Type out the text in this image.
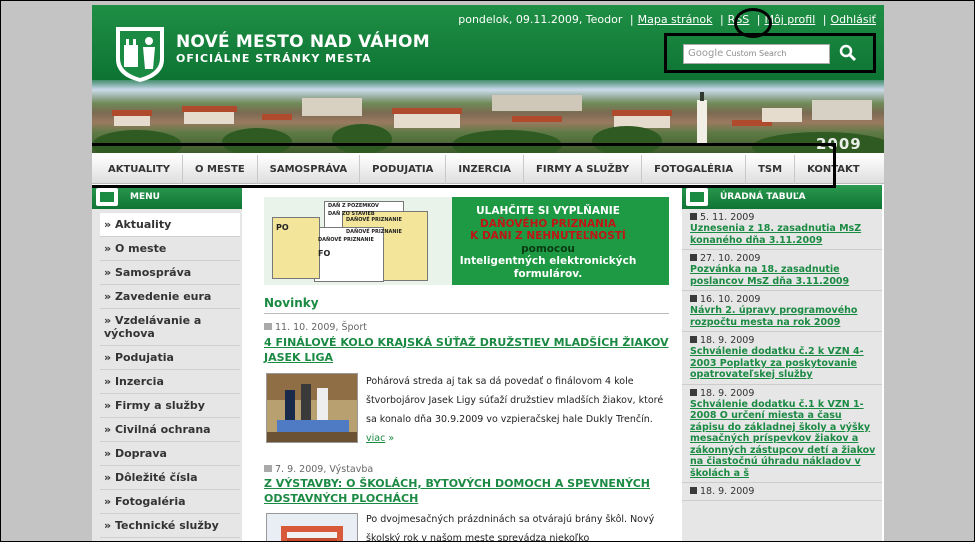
2009
NOVÉ MESTO NAD VÁHOM
OFICIÁLNE STRÁNKY MESTA
pondelok, 09.11.2009, Teodor | Mapa stránok | RSS | Môj profil | Odhlásiť
Google Custom Search
AKTUALITY	O MESTE	SAMOSPRÁVA	PODUJATIA	INZERCIA	FIRMY A SLUŽBY	FOTOGALÉRIA	TSM	KONTAKT
MENU
» Aktuality
» O meste
» Samospráva
» Zavedenie eura
» Vzdelávanie a výchova
» Podujatia
» Inzercia
» Firmy a služby
» Civilná ochrana
» Doprava
» Dôležité čísla
» Fotogaléria
» Technické služby
DAŇ Z POZEMKOV
DAŇ ZO STAVIEB
DAŇOVÉ PRIZNANIE
DAŇOVÉ PRIZNANIE
DAŇOVÉ PRIZNANIE
PO
FO
ULAHČITE SI VYPLŇANIE
DAŇOVÉHO PRIZNANIA
K DANI Z NEHNUTEĽNOSTÍ
pomocou
Inteligentných elektronických
formulárov.
Novinky
11. 10. 2009, Šport
4 FINÁLOVÉ KOLO KRAJSKÁ SÚŤAŽ DRUŽSTIEV MLADŠÍCH ŽIAKOV JASEK LIGA
Pohárová streda aj tak sa dá povedať o finálovom 4 kole štvorbojárov Jasek Ligy súťaží družstiev mladších žiakov, ktoré sa konalo dňa 30.9.2009 vo vzpieračskej hale Dukly Trenčín. viac »
7. 9. 2009, Výstavba
Z VÝSTAVBY: O ŠKOLÁCH, BYTOVÝCH DOMOCH A SPEVNENÝCH ODSTAVNÝCH PLOCHÁCH
Po dvojmesačných prázdninách sa otvárajú brány škôl. Nový školský rok v našom meste sprevádza niekoľko
ÚRADNÁ TABUĽA
5. 11. 2009
Uznesenia z 18. zasadnutia MsZ konaného dňa 3.11.2009
27. 10. 2009
Pozvánka na 18. zasadnutie poslancov MsZ dňa 3.11.2009
16. 10. 2009
Návrh 2. úpravy programového rozpočtu mesta na rok 2009
18. 9. 2009
Schválenie dodatku č.2 k VZN 4-2003 Poplatky za poskytovanie opatrovateľskej služby
18. 9. 2009
Schválenie dodatku č.1 k VZN 1-2008 O určení miesta a času zápisu do základnej školy a výšky mesačných príspevkov žiakov a zákonných zástupcov detí a žiakov na čiastočnú úhradu nákladov v školách a š
18. 9. 2009
